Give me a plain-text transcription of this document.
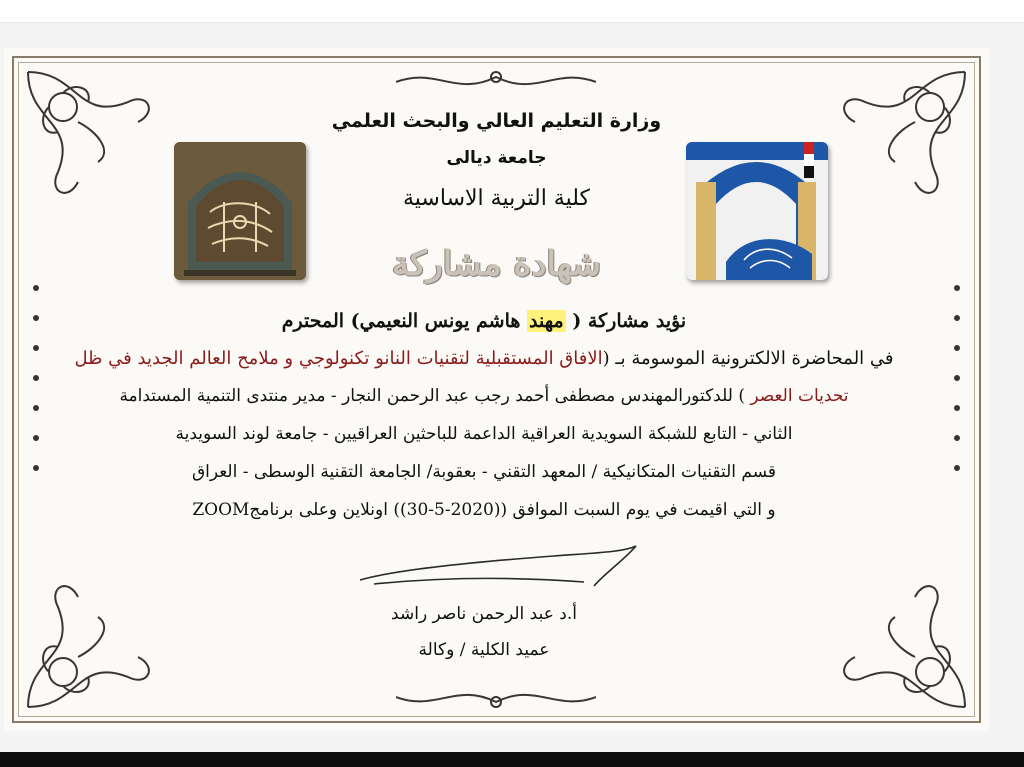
وزارة التعليم العالي والبحث العلمي
جامعة ديالى
كلية التربية الاساسية
شهادة مشاركة
نؤيد مشاركة ( مهند هاشم يونس النعيمي) المحترم
في المحاضرة الالكترونية الموسومة بـ (الافاق المستقبلية لتقنيات النانو تكنولوجي و ملامح العالم الجديد في ظل
تحديات العصر ) للدكتورالمهندس مصطفى أحمد رجب عبد الرحمن النجار - مدير منتدى التنمية المستدامة
الثاني - التابع للشبكة السويدية العراقية الداعمة للباحثين العراقيين - جامعة لوند السويدية
قسم التقنيات المتكانيكية / المعهد التقني - بعقوبة/ الجامعة التقنية الوسطى - العراق
و التي اقيمت في يوم السبت الموافق ((2020-5-30)) اونلاين وعلى برنامجZOOM
أ.د عبد الرحمن ناصر راشد
عميد الكلية / وكالة
